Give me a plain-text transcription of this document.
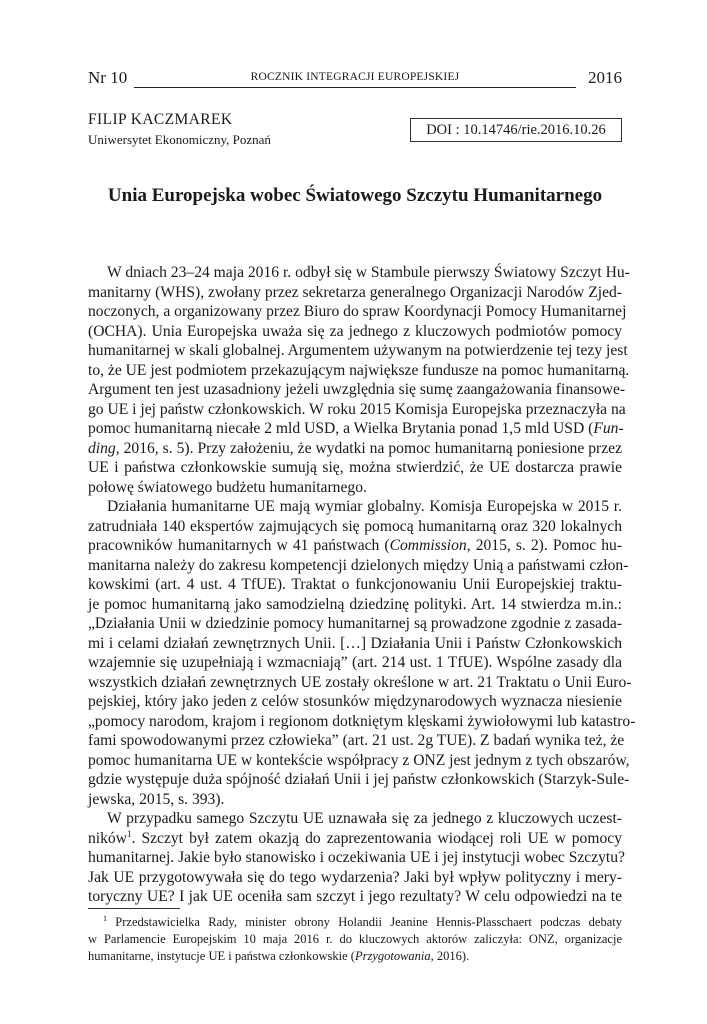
Nr 10	ROCZNIK INTEGRACJI EUROPEJSKIEJ	2016
FILIP KACZMAREK
Uniwersytet Ekonomiczny, Poznań
DOI : 10.14746/rie.2016.10.26
Unia Europejska wobec Światowego Szczytu Humanitarnego
W dniach 23–24 maja 2016 r. odbył się w Stambule pierwszy Światowy Szczyt Hu-
manitarny (WHS), zwołany przez sekretarza generalnego Organizacji Narodów Zjed-
noczonych, a organizowany przez Biuro do spraw Koordynacji Pomocy Humanitarnej
(OCHA). Unia Europejska uważa się za jednego z kluczowych podmiotów pomocy
humanitarnej w skali globalnej. Argumentem używanym na potwierdzenie tej tezy jest
to, że UE jest podmiotem przekazującym największe fundusze na pomoc humanitarną.
Argument ten jest uzasadniony jeżeli uwzględnia się sumę zaangażowania finansowe-
go UE i jej państw członkowskich. W roku 2015 Komisja Europejska przeznaczyła na
pomoc humanitarną niecałe 2 mld USD, a Wielka Brytania ponad 1,5 mld USD (Fun-
ding, 2016, s. 5). Przy założeniu, że wydatki na pomoc humanitarną poniesione przez
UE i państwa członkowskie sumują się, można stwierdzić, że UE dostarcza prawie
połowę światowego budżetu humanitarnego.
Działania humanitarne UE mają wymiar globalny. Komisja Europejska w 2015 r.
zatrudniała 140 ekspertów zajmujących się pomocą humanitarną oraz 320 lokalnych
pracowników humanitarnych w 41 państwach (Commission, 2015, s. 2). Pomoc hu-
manitarna należy do zakresu kompetencji dzielonych między Unią a państwami człon-
kowskimi (art. 4 ust. 4 TfUE). Traktat o funkcjonowaniu Unii Europejskiej traktu-
je pomoc humanitarną jako samodzielną dziedzinę polityki. Art. 14 stwierdza m.in.:
„Działania Unii w dziedzinie pomocy humanitarnej są prowadzone zgodnie z zasada-
mi i celami działań zewnętrznych Unii. […] Działania Unii i Państw Członkowskich
wzajemnie się uzupełniają i wzmacniają” (art. 214 ust. 1 TfUE). Wspólne zasady dla
wszystkich działań zewnętrznych UE zostały określone w art. 21 Traktatu o Unii Euro-
pejskiej, który jako jeden z celów stosunków międzynarodowych wyznacza niesienie
„pomocy narodom, krajom i regionom dotkniętym klęskami żywiołowymi lub katastro-
fami spowodowanymi przez człowieka” (art. 21 ust. 2g TUE). Z badań wynika też, że
pomoc humanitarna UE w kontekście współpracy z ONZ jest jednym z tych obszarów,
gdzie występuje duża spójność działań Unii i jej państw członkowskich (Starzyk-Sule-
jewska, 2015, s. 393).
W przypadku samego Szczytu UE uznawała się za jednego z kluczowych uczest-
ników$^1$. Szczyt był zatem okazją do zaprezentowania wiodącej roli UE w pomocy
humanitarnej. Jakie było stanowisko i oczekiwania UE i jej instytucji wobec Szczytu?
Jak UE przygotowywała się do tego wydarzenia? Jaki był wpływ polityczny i mery-
toryczny UE? I jak UE oceniła sam szczyt i jego rezultaty? W celu odpowiedzi na te
$^1$ Przedstawicielka Rady, minister obrony Holandii Jeanine Hennis-Plasschaert podczas debaty
w Parlamencie Europejskim 10 maja 2016 r. do kluczowych aktorów zaliczyła: ONZ, organizacje
humanitarne, instytucje UE i państwa członkowskie (Przygotowania, 2016).
